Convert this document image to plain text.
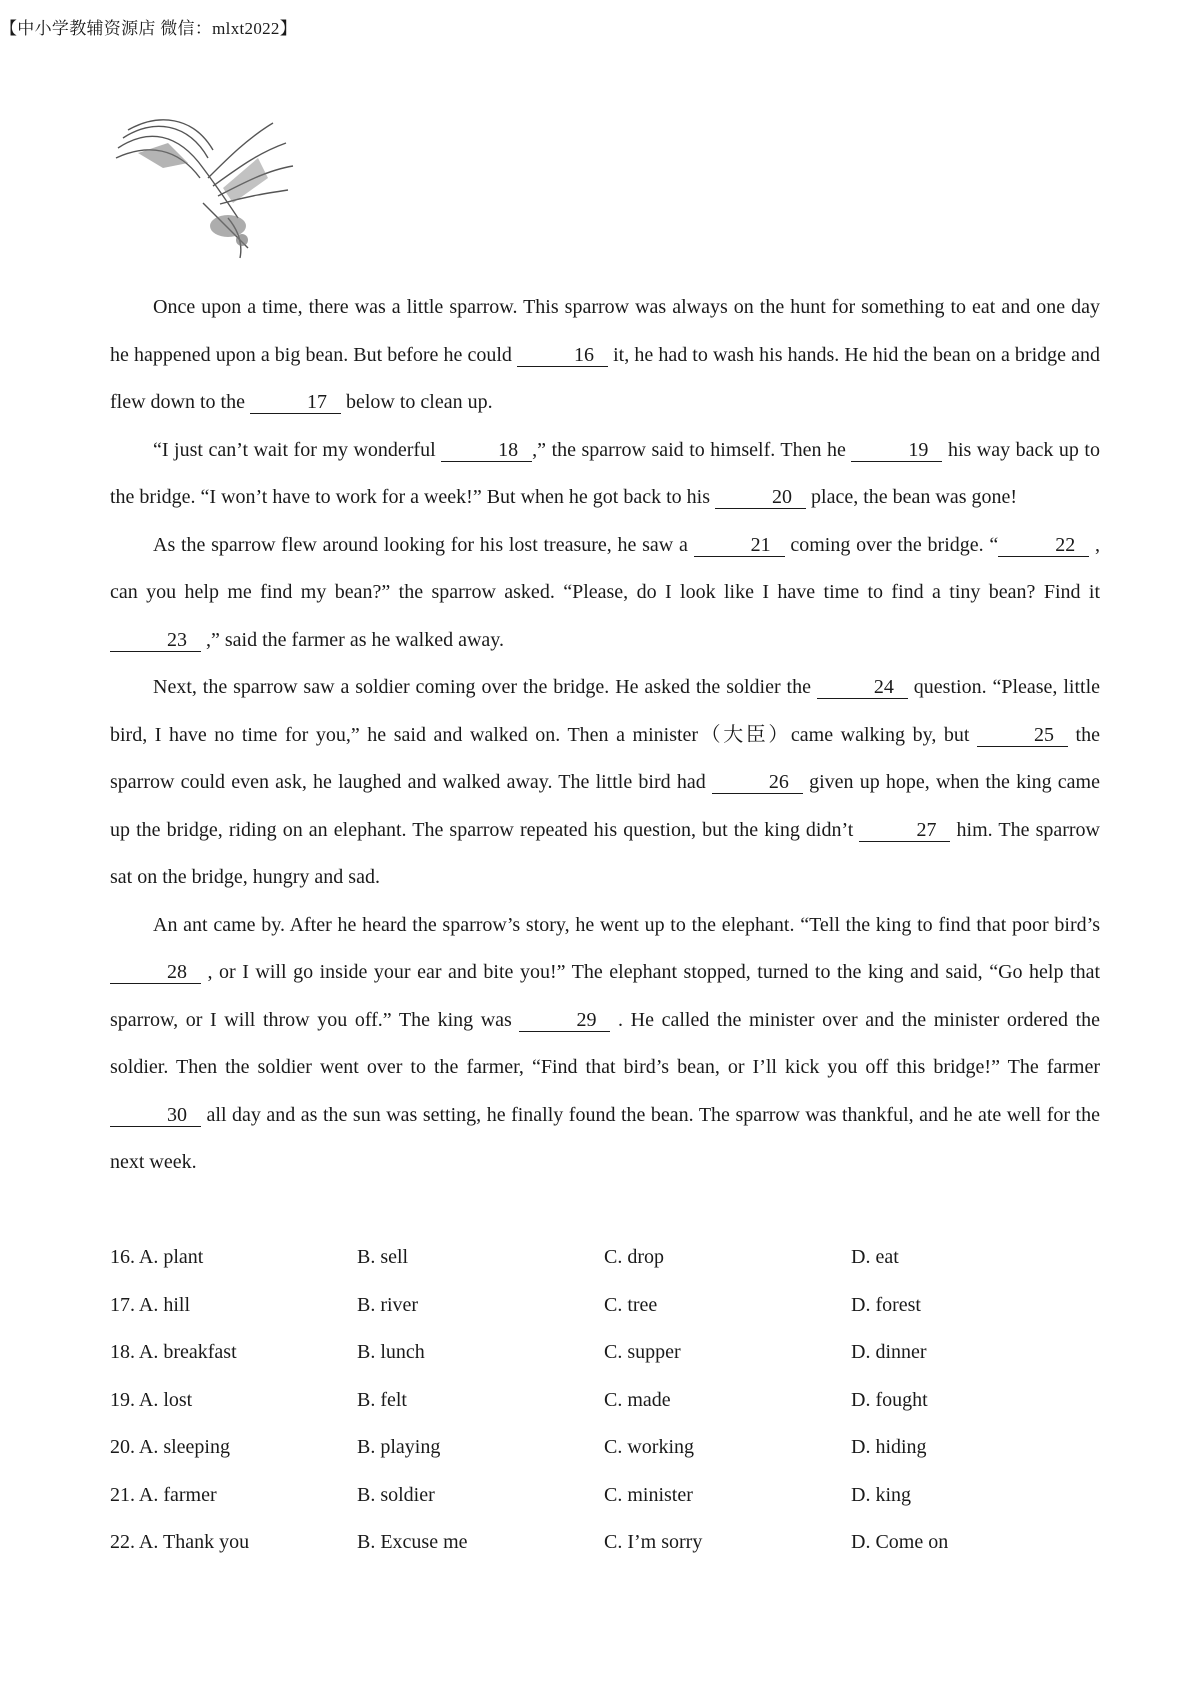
【中小学教辅资源店 微信：mlxt2022】

Once upon a time, there was a little sparrow. This sparrow was always on the hunt for something to eat and one day he happened upon a big bean. But before he could	16 it, he had to wash his hands. He hid the bean on a bridge and flew down to the	17 below to clean up.

“I just can’t wait for my wonderful	18 ,” the sparrow said to himself. Then he	19 his way back up to the bridge. “I won’t have to work for a week!” But when he got back to his	20 place, the bean was gone!

As the sparrow flew around looking for his lost treasure, he saw a	21 coming over the bridge. “	22 , can you help me find my bean?” the sparrow asked. “Please, do I look like I have time to find a tiny bean? Find it 23 ,” said the farmer as he walked away.

Next, the sparrow saw a soldier coming over the bridge. He asked the soldier the	24 question. “Please, little bird, I have no time for you,” he said and walked on. Then a minister（大臣）came walking by, but	25 the sparrow could even ask, he laughed and walked away. The little bird had	26 given up hope, when the king came up the bridge, riding on an elephant. The sparrow repeated his question, but the king didn’t	27 him. The sparrow sat on the bridge, hungry and sad.

An ant came by. After he heard the sparrow’s story, he went up to the elephant. “Tell the king to find that poor bird’s 28 , or I will go inside your ear and bite you!” The elephant stopped, turned to the king and said, “Go help that sparrow, or I will throw you off.” The king was	29 . He called the minister over and the minister ordered the soldier. Then the soldier went over to the farmer, “Find that bird’s bean, or I’ll kick you off this bridge!” The farmer 30 all day and as the sun was setting, he finally found the bean. The sparrow was thankful, and he ate well for the next week.

16. A. plant	B. sell	C. drop	D. eat
17. A. hill	B. river	C. tree	D. forest
18. A. breakfast	B. lunch	C. supper	D. dinner
19. A. lost	B. felt	C. made	D. fought
20. A. sleeping	B. playing	C. working	D. hiding
21. A. farmer	B. soldier	C. minister	D. king
22. A. Thank you	B. Excuse me	C. I’m sorry	D. Come on
